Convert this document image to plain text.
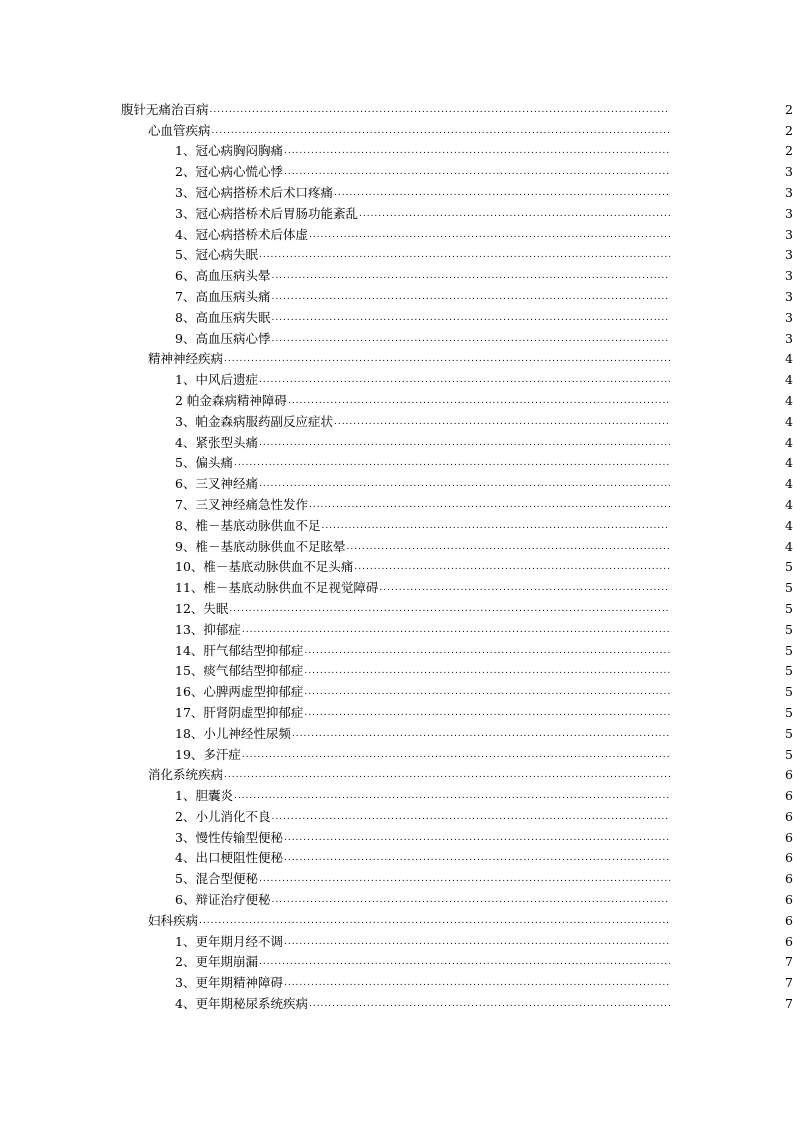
腹针无痛治百病 .....	2
心血管疾病 .....	2
1、冠心病胸闷胸痛 .....	2
2、冠心病心慌心悸 .....	3
3、冠心病搭桥术后术口疼痛 .....	3
3、冠心病搭桥术后胃肠功能紊乱 .....	3
4、冠心病搭桥术后体虚 .....	3
5、冠心病失眠 .....	3
6、高血压病头晕 .....	3
7、高血压病头痛 .....	3
8、高血压病失眠 .....	3
9、高血压病心悸 .....	3
精神神经疾病 .....	4
1、中风后遗症 .....	4
2 帕金森病精神障碍 .....	4
3、帕金森病服药副反应症状 .....	4
4、紧张型头痛 .....	4
5、偏头痛 .....	4
6、三叉神经痛 .....	4
7、三叉神经痛急性发作 .....	4
8、椎－基底动脉供血不足 .....	4
9、椎－基底动脉供血不足眩晕 .....	4
10、椎－基底动脉供血不足头痛 .....	5
11、椎－基底动脉供血不足视觉障碍 .....	5
12、失眠 .....	5
13、抑郁症 .....	5
14、肝气郁结型抑郁症 .....	5
15、痰气郁结型抑郁症 .....	5
16、心脾两虚型抑郁症 .....	5
17、肝肾阴虚型抑郁症 .....	5
18、小儿神经性尿频 .....	5
19、多汗症 .....	5
消化系统疾病 .....	6
1、胆囊炎 .....	6
2、小儿消化不良 .....	6
3、慢性传输型便秘 .....	6
4、出口梗阻性便秘 .....	6
5、混合型便秘 .....	6
6、辩证治疗便秘 .....	6
妇科疾病 .....	6
1、更年期月经不调 .....	6
2、更年期崩漏 .....	7
3、更年期精神障碍 .....	7
4、更年期秘尿系统疾病 .....	7
